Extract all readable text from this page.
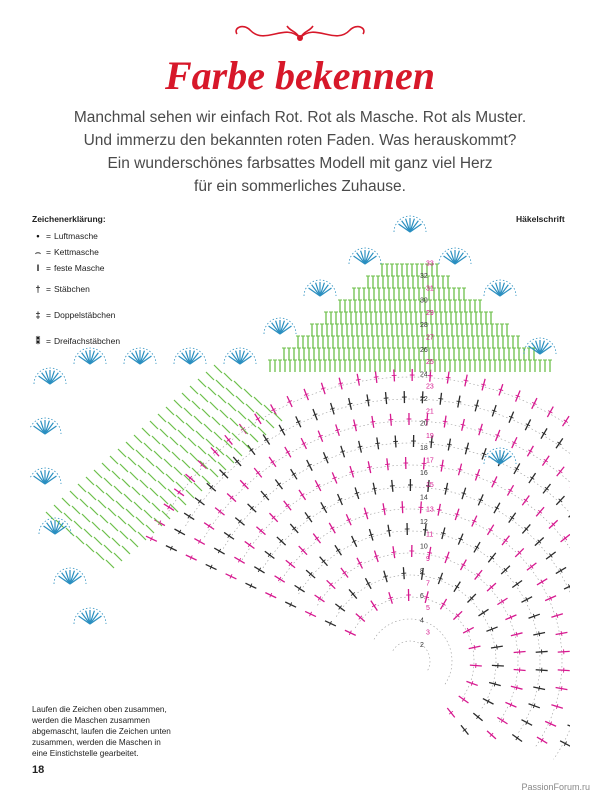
Farbe bekennen
Manchmal sehen wir einfach Rot. Rot als Masche. Rot als Muster.
Und immerzu den bekannten roten Faden. Was herauskommt?
Ein wunderschönes farbsattes Modell mit ganz viel Herz
für ein sommerliches Zuhause.
2
3
4
5
6
7
8
9
10
11
12
13
14
15
16
17
18
19
20
21
22
23
24
25
26
27
28
29
30
31
32
33
Zeichenerklärung:
• = Luftmasche
⌢ = Kettmasche
I = feste Masche
† = Stäbchen
‡ = Doppelstäbchen
⁑ = Dreifachstäbchen
Häkelschrift
Laufen die Zeichen oben zusammen, werden die Maschen zusammen abgemascht, laufen die Zeichen unten zusammen, werden die Maschen in eine Einstichstelle gearbeitet.
18
PassionForum.ru
